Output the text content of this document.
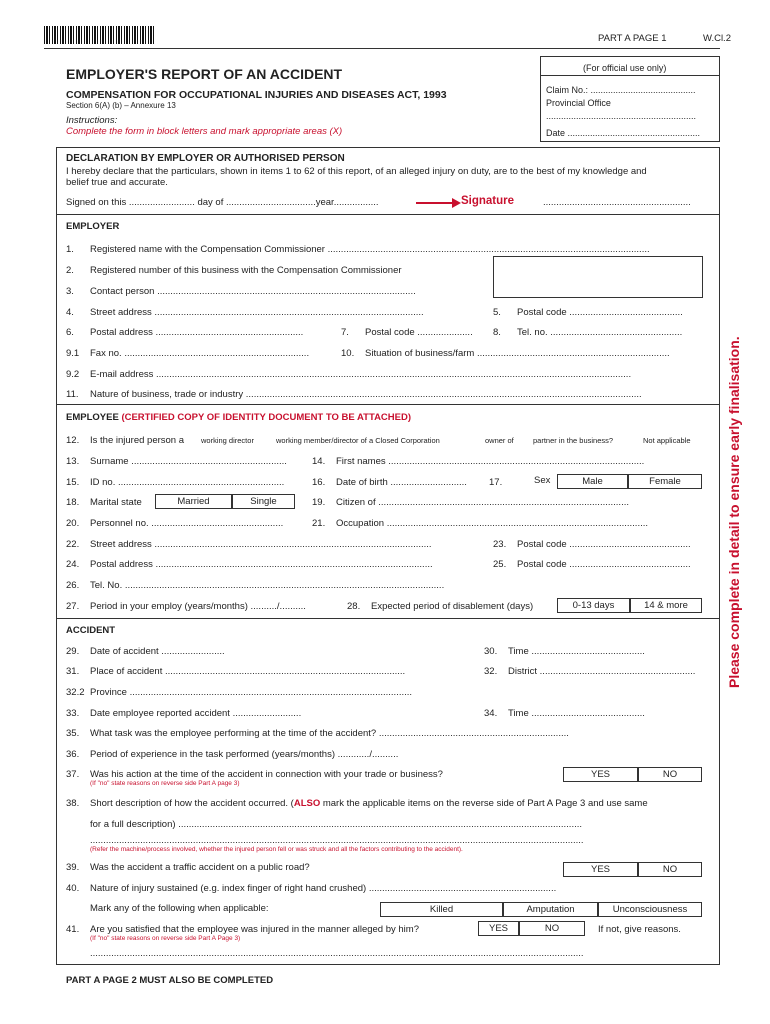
PART A PAGE 1	W.Cl.2
(For official use only)
Claim No.: ..........................................
Provincial Office
............................................................
Date .....................................................
EMPLOYER'S REPORT OF AN ACCIDENT
COMPENSATION FOR OCCUPATIONAL INJURIES AND DISEASES ACT, 1993
Section 6(A) (b) – Annexure 13
Instructions:
Complete the form in block letters and mark appropriate areas (X)
DECLARATION BY EMPLOYER OR AUTHORISED PERSON
I hereby declare that the particulars, shown in items 1 to 62 of this report, of an alleged injury on duty, are to the best of my knowledge and
belief true and accurate.
Signed on this ......................... day of ..................................year.................	Signature	........................................................
EMPLOYER
1. Registered name with the Compensation Commissioner ..........................................................................................................................
2. Registered number of this business with the Compensation Commissioner
3. Contact person ..................................................................................................
4. Street address ......................................................................................................	5. Postal code ...........................................
6. Postal address ........................................................	7. Postal code ..................... 8. Tel. no. ..................................................
9.1 Fax no. ......................................................................	10. Situation of business/farm .........................................................................
9.2 E-mail address ....................................................................................................................................................................................
11. Nature of business, trade or industry ......................................................................................................................................................
EMPLOYEE (CERTIFIED COPY OF IDENTITY DOCUMENT TO BE ATTACHED)
12. Is the injured person a working director	working member/director of a Closed Corporation	owner of	partner in the business?	Not applicable
13. Surname ...........................................................	14. First names .................................................................................................
15. ID no. ...............................................................	16. Date of birth ............................. 17.	Sex	Male	Female
18. Marital state	Married	Single	19. Citizen of ...............................................................................................
20. Personnel no. ..................................................	21. Occupation ...................................................................................................
22. Street address .........................................................................................................	23. Postal code ..............................................
24. Postal address .........................................................................................................	25. Postal code ..............................................
26. Tel. No. .........................................................................................................................
27. Period in your employ (years/months) ........../..........	28. Expected period of disablement (days)	0-13 days	14 & more
ACCIDENT
29. Date of accident ........................	30. Time ...........................................
31. Place of accident ...........................................................................................	32. District ...........................................................
32.2 Province ...........................................................................................................
33. Date employee reported accident ..........................	34. Time ...........................................
35. What task was the employee performing at the time of the accident? ........................................................................
36. Period of experience in the task performed (years/months) ............/..........
37. Was his action at the time of the accident in connection with your trade or business?
(If "no" state reasons on reverse side Part A page 3)
YES	NO
38. Short description of how the accident occurred. (ALSO mark the applicable items on the reverse side of Part A Page 3 and use same
for a full description) .........................................................................................................................................................
...........................................................................................................................................................................................
(Refer the machine/process involved, whether the injured person fell or was struck and all the factors contributing to the accident).
39. Was the accident a traffic accident on a public road?	YES	NO
40. Nature of injury sustained (e.g. index finger of right hand crushed) .......................................................................
Mark any of the following when applicable:	Killed	Amputation	Unconsciousness
41. Are you satisfied that the employee was injured in the manner alleged by him?
(If "no" state reasons on reverse side Part A Page 3)
YES	NO	If not, give reasons.
...........................................................................................................................................................................................
PART A PAGE 2 MUST ALSO BE COMPLETED
Please complete in detail to ensure early finalisation.
